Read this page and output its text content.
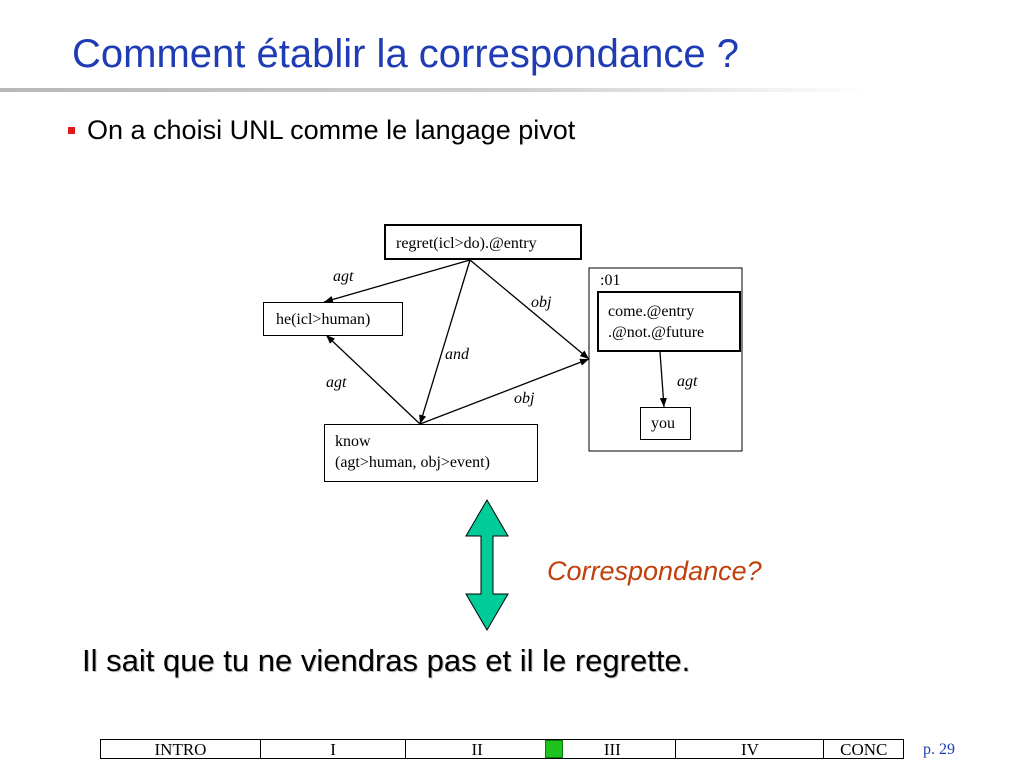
Comment établir la correspondance ?
On a choisi UNL comme le langage pivot
:01
regret(icl>do).@entry
he(icl>human)
know
(agt>human, obj>event)
come.@entry
.@not.@future
you
agt
obj
and
agt
obj
agt
Correspondance?
Il sait que tu ne viendras pas et il le regrette.
INTRO	I	II	III	IV	CONC	p. 29
